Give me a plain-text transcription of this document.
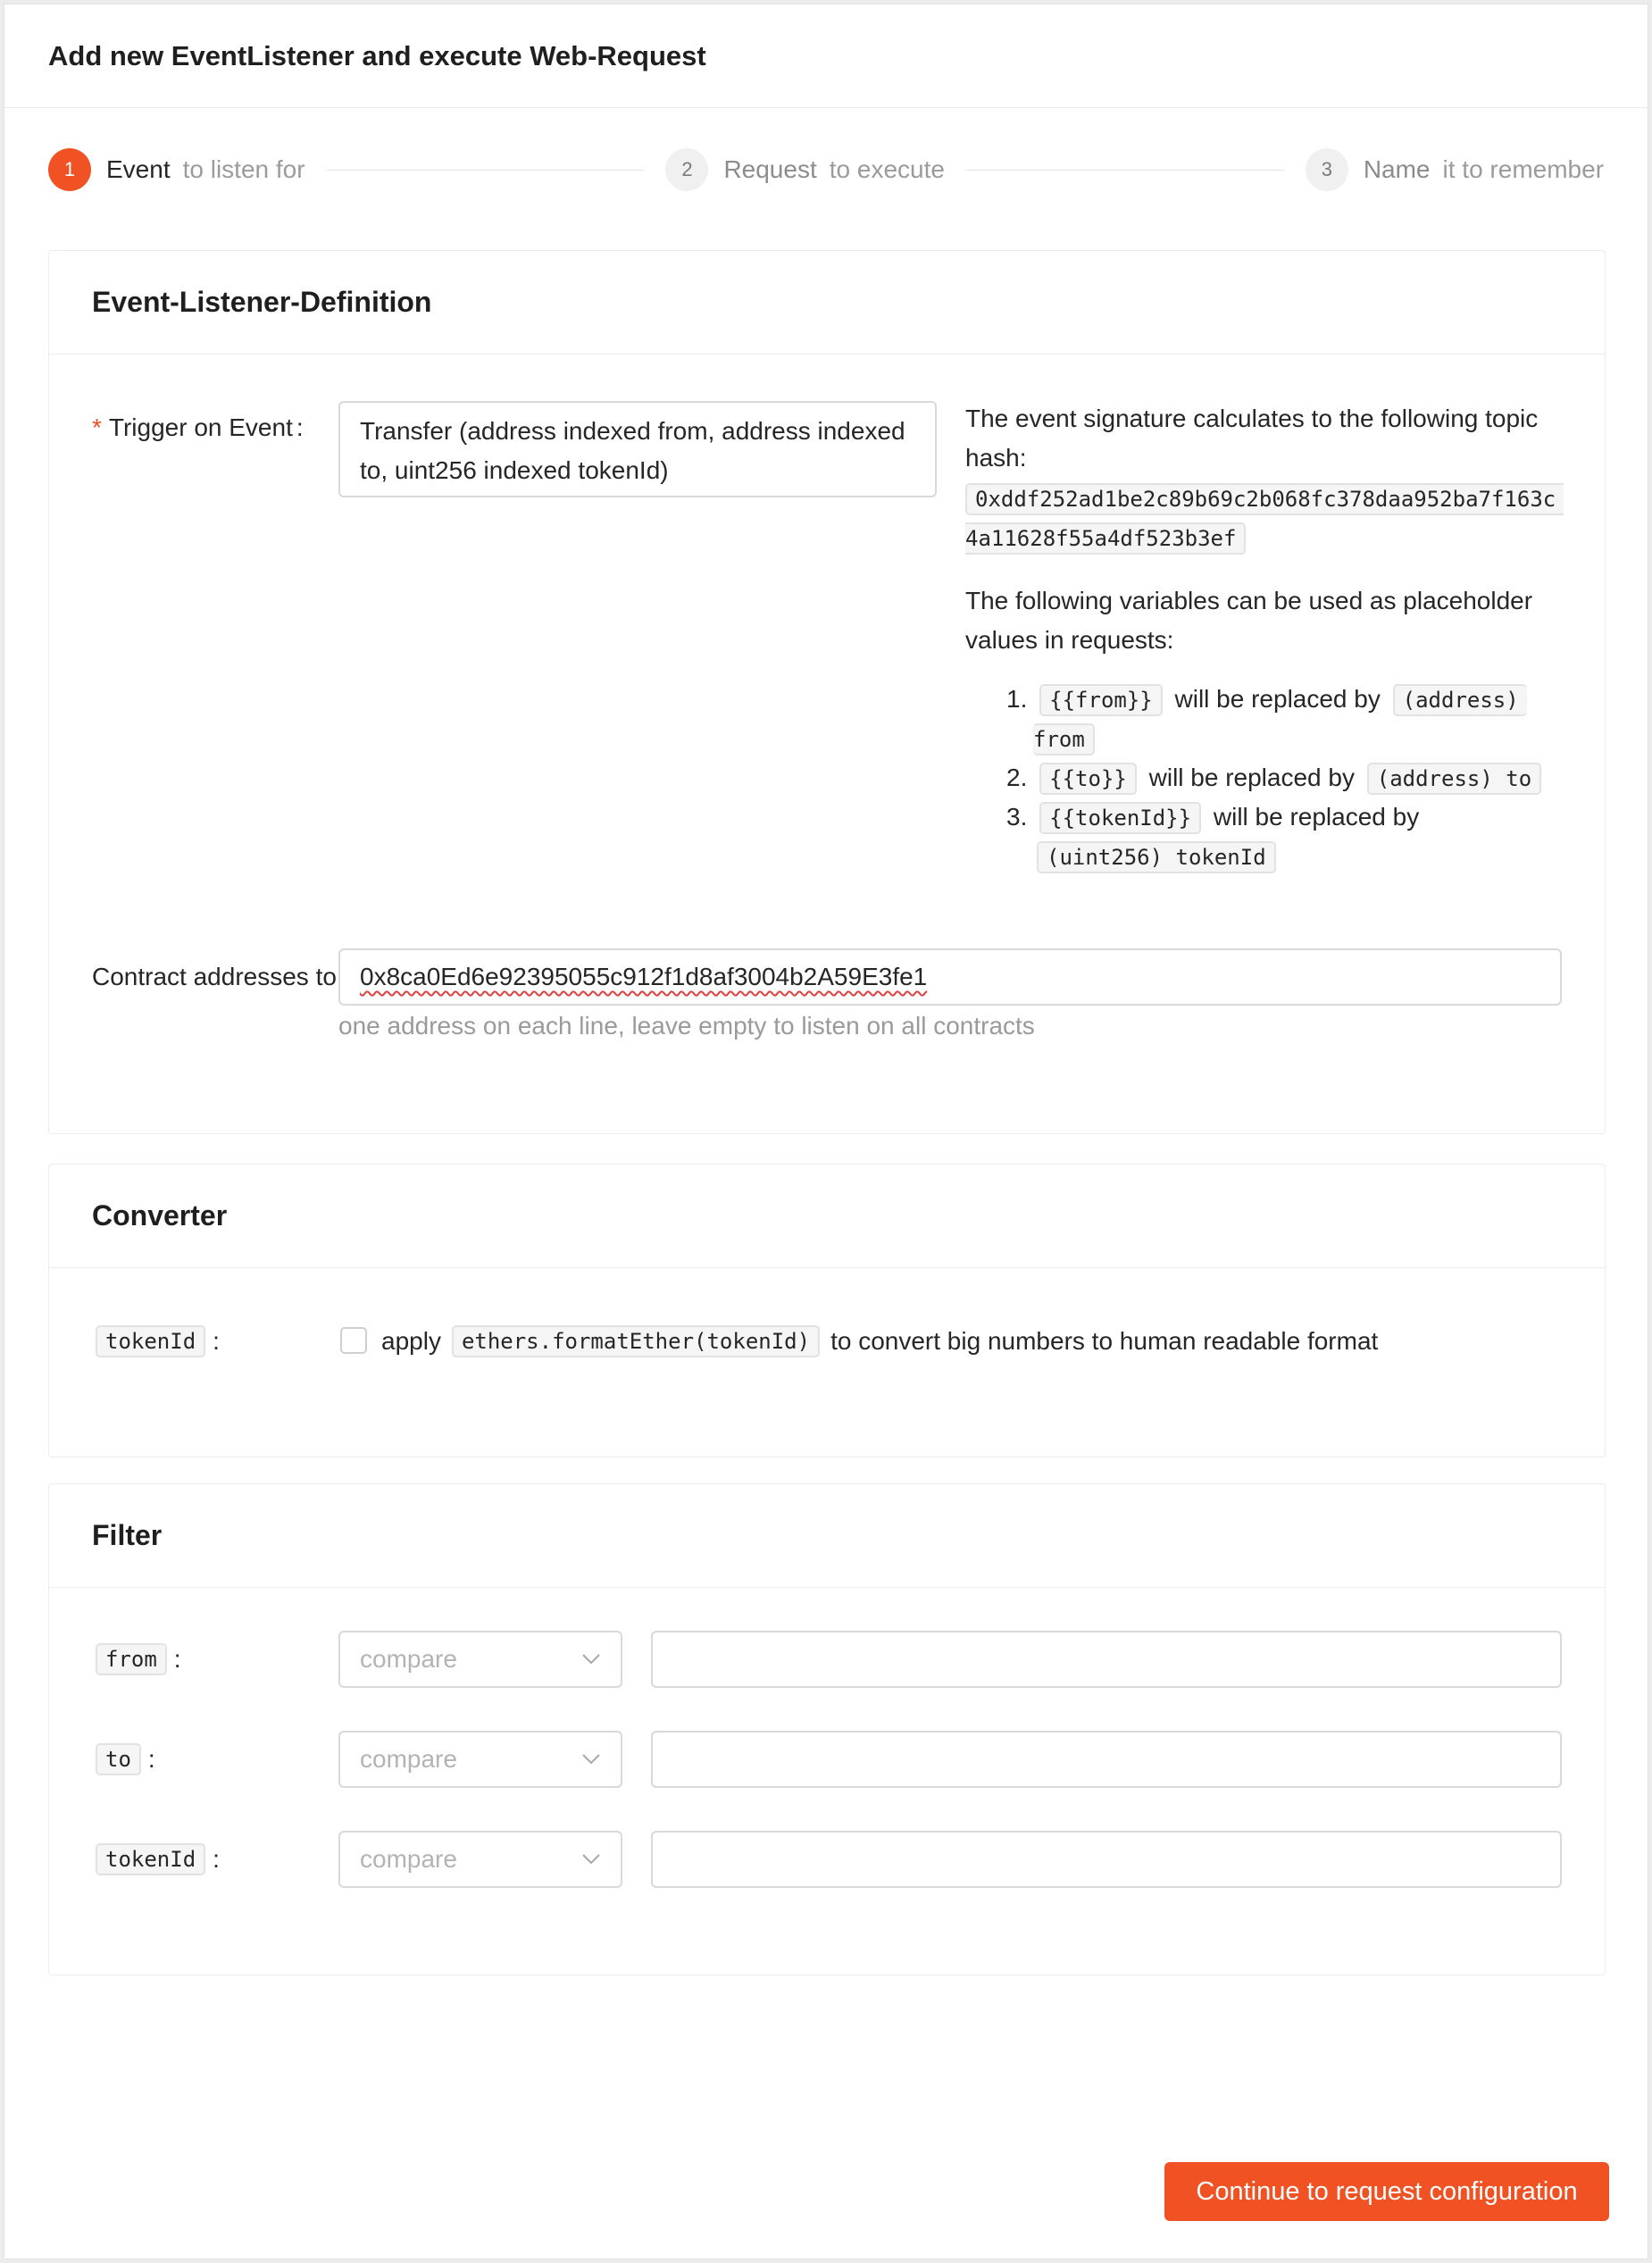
Add new EventListener and execute Web-Request
1	Event to listen for	2	Request to execute	3	Name it to remember
Event-Listener-Definition
* Trigger on Event :	Transfer (address indexed from, address indexed to, uint256 indexed tokenId)
The event signature calculates to the following topic hash:
0xddf252ad1be2c89b69c2b068fc378daa952ba7f163c
4a11628f55a4df523b3ef
The following variables can be used as placeholder values in requests:
1. {{from}} will be replaced by (address)
from
2. {{to}} will be replaced by (address) to
3. {{tokenId}} will be replaced by
(uint256) tokenId
Contract addresses to 0x8ca0Ed6e92395055c912f1d8af3004b2A59E3fe1
one address on each line, leave empty to listen on all contracts
Converter
tokenId :	apply ethers.formatEther(tokenId) to convert big numbers to human readable format
Filter
from :	compare
to :	compare
tokenId :	compare
Continue to request configuration
